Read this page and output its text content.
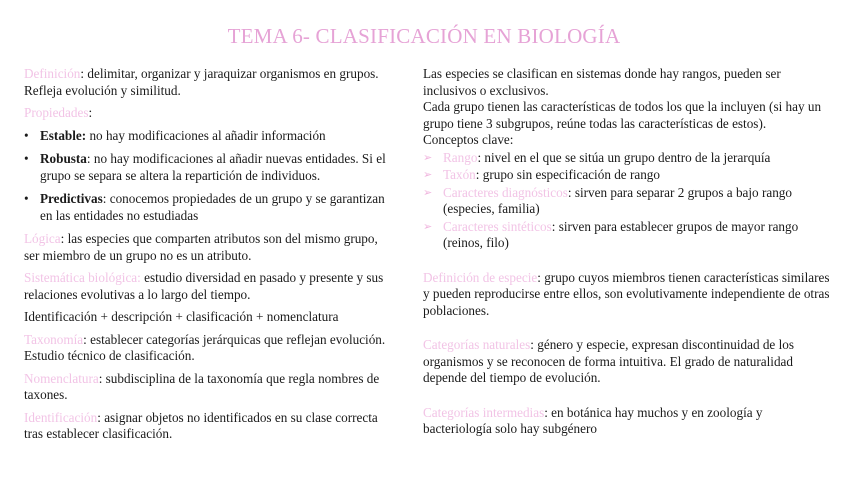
TEMA 6- CLASIFICACIÓN EN BIOLOGÍA

Definición: delimitar, organizar y jaraquizar organismos en grupos. Refleja evolución y similitud.

Propiedades:

• Estable: no hay modificaciones al añadir información
• Robusta: no hay modificaciones al añadir nuevas entidades. Si el grupo se separa se altera la repartición de individuos.
• Predictivas: conocemos propiedades de un grupo y se garantizan en las entidades no estudiadas

Lógica: las especies que comparten atributos son del mismo grupo, ser miembro de un grupo no es un atributo.

Sistemática biológica: estudio diversidad en pasado y presente y sus relaciones evolutivas a lo largo del tiempo.

Identificación + descripción + clasificación + nomenclatura

Taxonomía: establecer categorías jerárquicas que reflejan evolución. Estudio técnico de clasificación.

Nomenclatura: subdisciplina de la taxonomía que regla nombres de taxones.

Identificación: asignar objetos no identificados en su clase correcta tras establecer clasificación.

Las especies se clasifican en sistemas donde hay rangos, pueden ser inclusivos o exclusivos.

Cada grupo tienen las características de todos los que la incluyen (si hay un grupo tiene 3 subgrupos, reúne todas las características de estos).

Conceptos clave:

➢ Rango: nivel en el que se sitúa un grupo dentro de la jerarquía
➢ Taxón: grupo sin especificación de rango
➢ Caracteres diagnósticos: sirven para separar 2 grupos a bajo rango (especies, familia)
➢ Caracteres sintéticos: sirven para establecer grupos de mayor rango (reinos, filo)

Definición de especie: grupo cuyos miembros tienen características similares y pueden reproducirse entre ellos, son evolutivamente independiente de otras poblaciones.

Categorías naturales: género y especie, expresan discontinuidad de los organismos y se reconocen de forma intuitiva. El grado de naturalidad depende del tiempo de evolución.

Categorías intermedias: en botánica hay muchos y en zoología y bacteriología solo hay subgénero
